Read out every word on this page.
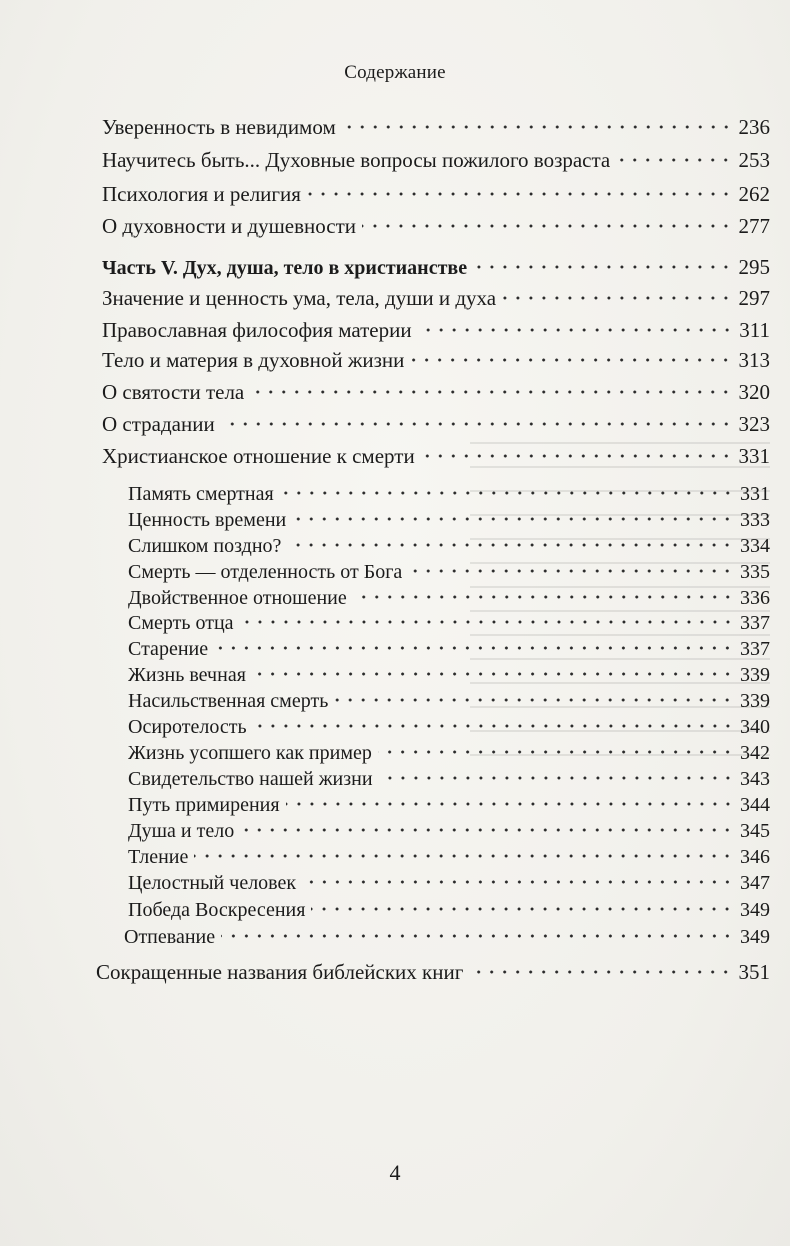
Содержание
Уверенность в невидимом	236
Научитесь быть... Духовные вопросы пожилого возраста	253
Психология и религия	262
О духовности и душевности	277
Часть V. Дух, душа, тело в христианстве	295
Значение и ценность ума, тела, души и духа	297
Православная философия материи	311
Тело и материя в духовной жизни	313
О святости тела	320
О страдании	323
Христианское отношение к смерти	331
Память смертная	331
Ценность времени	333
Слишком поздно?	334
Смерть — отделенность от Бога	335
Двойственное отношение	336
Смерть отца	337
Старение	337
Жизнь вечная	339
Насильственная смерть	339
Осиротелость	340
Жизнь усопшего как пример	342
Свидетельство нашей жизни	343
Путь примирения	344
Душа и тело	345
Тление	346
Целостный человек	347
Победа Воскресения	349
Отпевание	349
Сокращенные названия библейских книг	351
4
